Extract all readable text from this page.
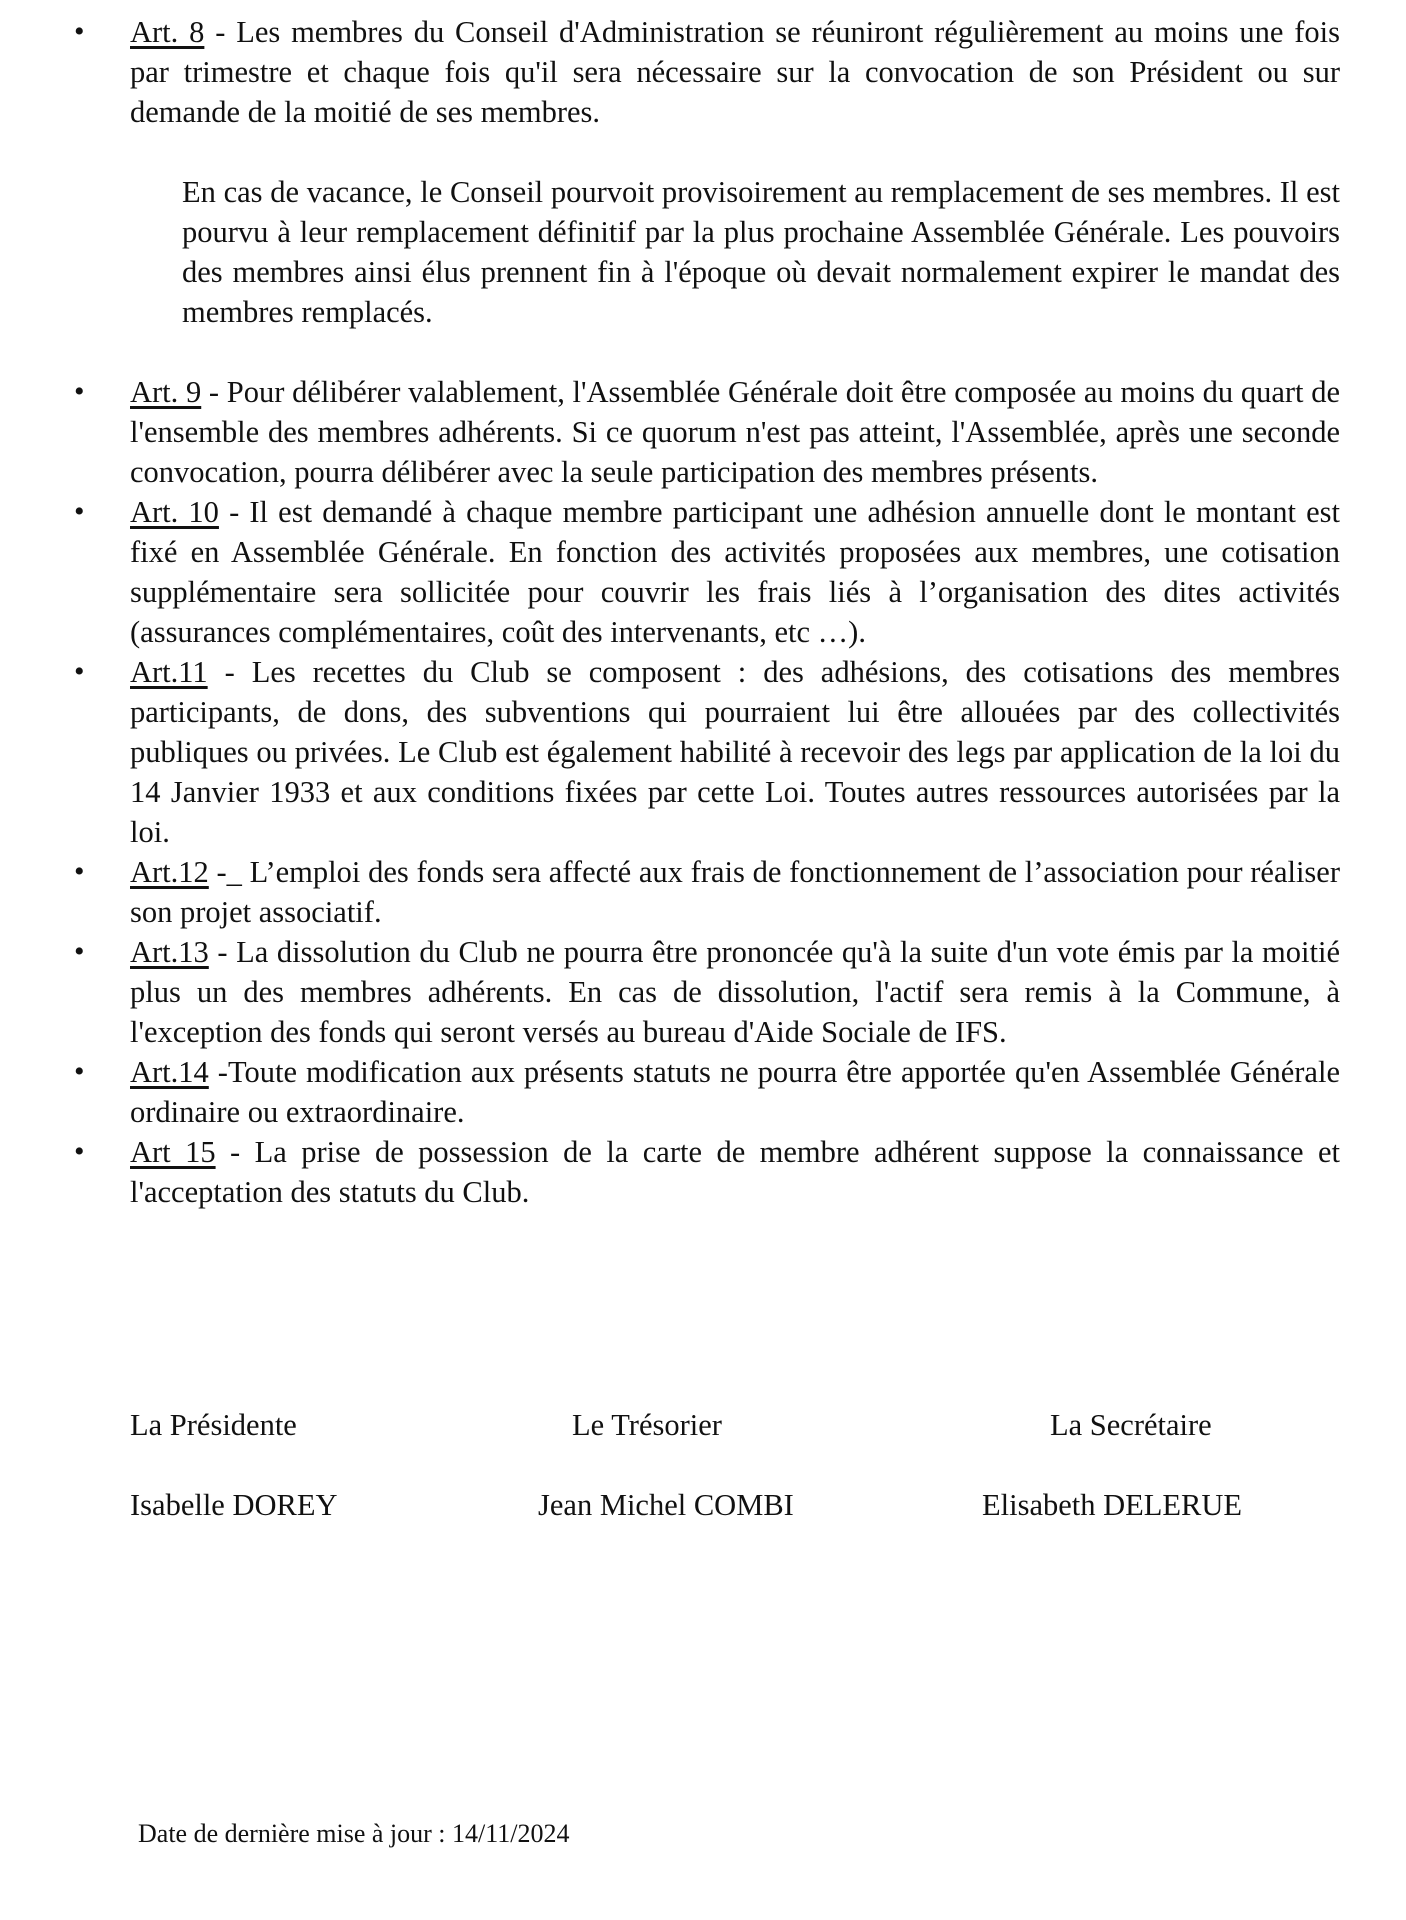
• Art. 8 - Les membres du Conseil d'Administration se réuniront régulièrement au moins une fois par trimestre et chaque fois qu'il sera nécessaire sur la convocation de son Président ou sur demande de la moitié de ses membres.
En cas de vacance, le Conseil pourvoit provisoirement au remplacement de ses membres. Il est pourvu à leur remplacement définitif par la plus prochaine Assemblée Générale. Les pouvoirs des membres ainsi élus prennent fin à l'époque où devait normalement expirer le mandat des membres remplacés.
• Art. 9 - Pour délibérer valablement, l'Assemblée Générale doit être composée au moins du quart de l'ensemble des membres adhérents. Si ce quorum n'est pas atteint, l'Assemblée, après une seconde convocation, pourra délibérer avec la seule participation des membres présents.
• Art. 10 - Il est demandé à chaque membre participant une adhésion annuelle dont le montant est fixé en Assemblée Générale. En fonction des activités proposées aux membres, une cotisation supplémentaire sera sollicitée pour couvrir les frais liés à l’organisation des dites activités (assurances complémentaires, coût des intervenants, etc …).
• Art.11 - Les recettes du Club se composent : des adhésions, des cotisations des membres participants, de dons, des subventions qui pourraient lui être allouées par des collectivités publiques ou privées. Le Club est également habilité à recevoir des legs par application de la loi du 14 Janvier 1933 et aux conditions fixées par cette Loi. Toutes autres ressources autorisées par la loi.
• Art.12 -_ L’emploi des fonds sera affecté aux frais de fonctionnement de l’association pour réaliser son projet associatif.
• Art.13 - La dissolution du Club ne pourra être prononcée qu'à la suite d'un vote émis par la moitié plus un des membres adhérents. En cas de dissolution, l'actif sera remis à la Commune, à l'exception des fonds qui seront versés au bureau d'Aide Sociale de IFS.
• Art.14 -Toute modification aux présents statuts ne pourra être apportée qu'en Assemblée Générale ordinaire ou extraordinaire.
• Art 15 - La prise de possession de la carte de membre adhérent suppose la connaissance et l'acceptation des statuts du Club.
La Présidente	Le Trésorier	La Secrétaire
Isabelle DOREY	Jean Michel COMBI	Elisabeth DELERUE
Date de dernière mise à jour : 14/11/2024
